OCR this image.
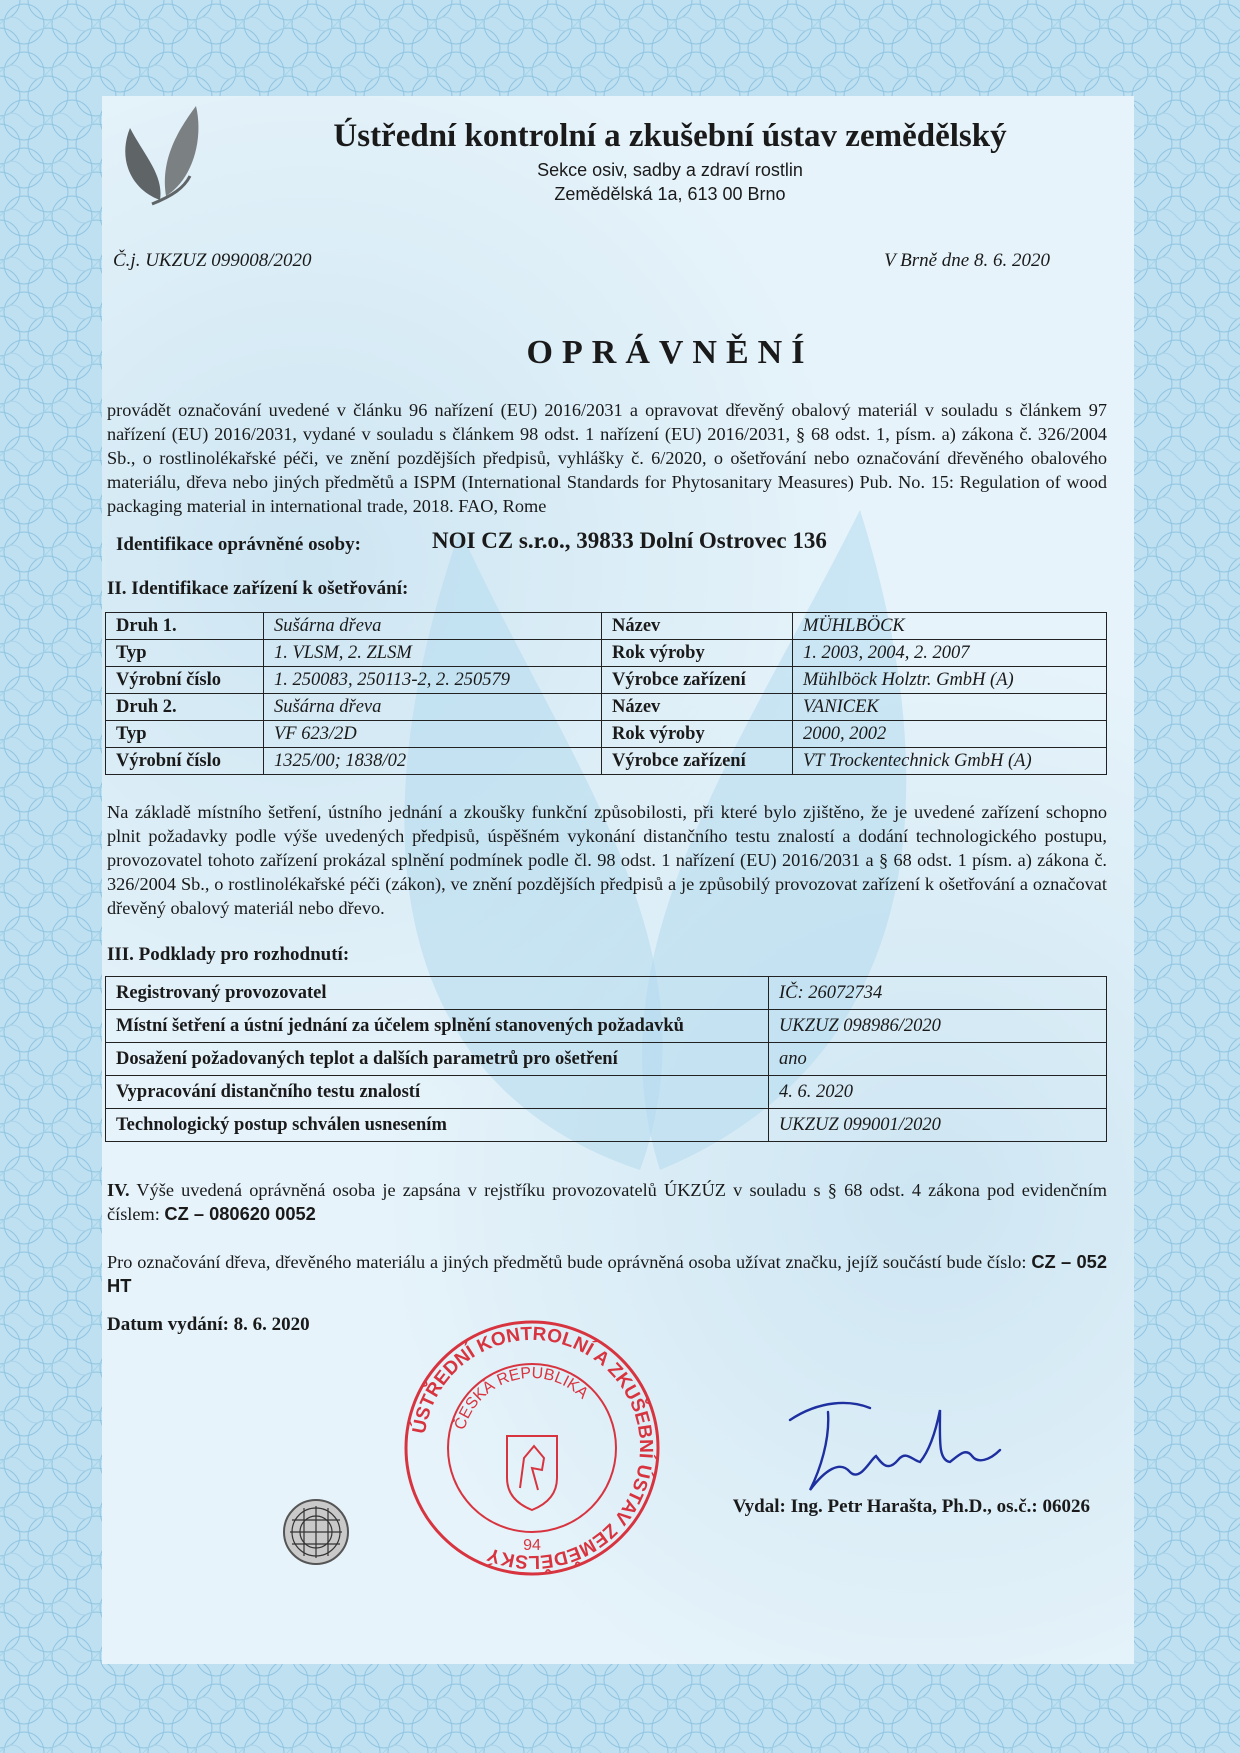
Ústřední kontrolní a zkušební ústav zemědělský
Sekce osiv, sadby a zdraví rostlin
Zemědělská 1a, 613 00 Brno
Č.j. UKZUZ 099008/2020	V Brně dne 8. 6. 2020
OPRÁVNĚNÍ
provádět označování uvedené v článku 96 nařízení (EU) 2016/2031 a opravovat dřevěný obalový materiál v souladu s článkem 97 nařízení (EU) 2016/2031, vydané v souladu s článkem 98 odst. 1 nařízení (EU) 2016/2031, § 68 odst. 1, písm. a) zákona č. 326/2004 Sb., o rostlinolékařské péči, ve znění pozdějších předpisů, vyhlášky č. 6/2020, o ošetřování nebo označování dřevěného obalového materiálu, dřeva nebo jiných předmětů a ISPM (International Standards for Phytosanitary Measures) Pub. No. 15: Regulation of wood packaging material in international trade, 2018. FAO, Rome
Identifikace oprávněné osoby:	NOI CZ s.r.o., 39833 Dolní Ostrovec 136
II. Identifikace zařízení k ošetřování:
Druh 1.	Sušárna dřeva	Název	MÜHLBÖCK
Typ	1. VLSM, 2. ZLSM	Rok výroby	1. 2003, 2004, 2. 2007
Výrobní číslo	1. 250083, 250113-2, 2. 250579	Výrobce zařízení	Mühlböck Holztr. GmbH (A)
Druh 2.	Sušárna dřeva	Název	VANICEK
Typ	VF 623/2D	Rok výroby	2000, 2002
Výrobní číslo	1325/00; 1838/02	Výrobce zařízení	VT Trockentechnick GmbH (A)
Na základě místního šetření, ústního jednání a zkoušky funkční způsobilosti, při které bylo zjištěno, že je uvedené zařízení schopno plnit požadavky podle výše uvedených předpisů, úspěšném vykonání distančního testu znalostí a dodání technologického postupu, provozovatel tohoto zařízení prokázal splnění podmínek podle čl. 98 odst. 1 nařízení (EU) 2016/2031 a § 68 odst. 1 písm. a) zákona č. 326/2004 Sb., o rostlinolékařské péči (zákon), ve znění pozdějších předpisů a je způsobilý provozovat zařízení k ošetřování a označovat dřevěný obalový materiál nebo dřevo.
III. Podklady pro rozhodnutí:
Registrovaný provozovatel	IČ: 26072734
Místní šetření a ústní jednání za účelem splnění stanovených požadavků	UKZUZ 098986/2020
Dosažení požadovaných teplot a dalších parametrů pro ošetření	ano
Vypracování distančního testu znalostí	4. 6. 2020
Technologický postup schválen usnesením	UKZUZ 099001/2020
IV. Výše uvedená oprávněná osoba je zapsána v rejstříku provozovatelů ÚKZÚZ v souladu s § 68 odst. 4 zákona pod evidenčním číslem: CZ – 080620 0052
Pro označování dřeva, dřevěného materiálu a jiných předmětů bude oprávněná osoba užívat značku, jejíž součástí bude číslo: CZ – 052 HT
Datum vydání: 8. 6. 2020
ÚSTŘEDNÍ KONTROLNÍ A ZKUŠEBNÍ ÚSTAV ZEMĚDĚLSKÝ
ČESKÁ REPUBLIKA
94
Vydal: Ing. Petr Harašta, Ph.D., os.č.: 06026
